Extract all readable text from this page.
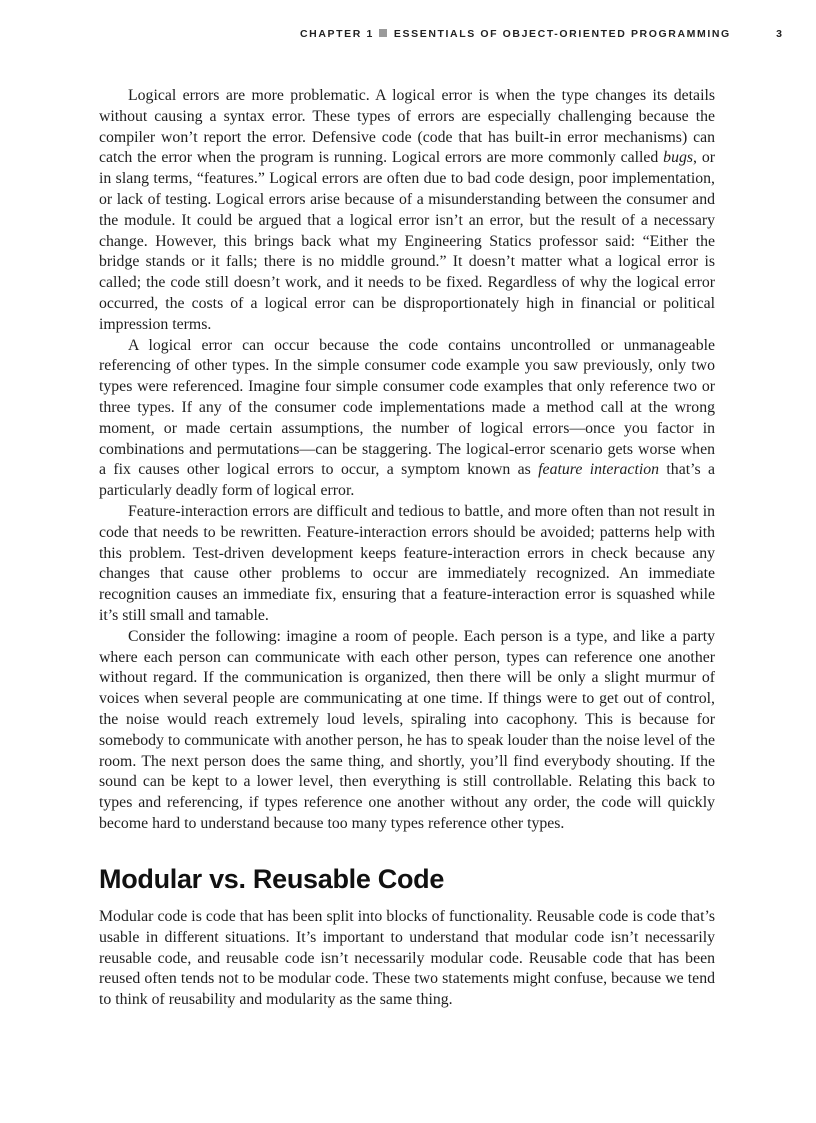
CHAPTER 1 ESSENTIALS OF OBJECT-ORIENTED PROGRAMMING	3

Logical errors are more problematic. A logical error is when the type changes its details without causing a syntax error. These types of errors are especially challenging because the compiler won’t report the error. Defensive code (code that has built-in error mechanisms) can catch the error when the program is running. Logical errors are more commonly called bugs, or in slang terms, “features.” Logical errors are often due to bad code design, poor implementation, or lack of testing. Logical errors arise because of a misunderstanding between the consumer and the module. It could be argued that a logical error isn’t an error, but the result of a necessary change. However, this brings back what my Engineering Statics professor said: “Either the bridge stands or it falls; there is no middle ground.” It doesn’t matter what a logical error is called; the code still doesn’t work, and it needs to be fixed. Regardless of why the logical error occurred, the costs of a logical error can be disproportionately high in financial or political impression terms.

A logical error can occur because the code contains uncontrolled or unmanageable referencing of other types. In the simple consumer code example you saw previously, only two types were referenced. Imagine four simple consumer code examples that only reference two or three types. If any of the consumer code implementations made a method call at the wrong moment, or made certain assumptions, the number of logical errors—once you factor in combinations and permutations—can be staggering. The logical-error scenario gets worse when a fix causes other logical errors to occur, a symptom known as feature interaction that’s a particularly deadly form of logical error.

Feature-interaction errors are difficult and tedious to battle, and more often than not result in code that needs to be rewritten. Feature-interaction errors should be avoided; patterns help with this problem. Test-driven development keeps feature-interaction errors in check because any changes that cause other problems to occur are immediately recognized. An immediate recognition causes an immediate fix, ensuring that a feature-interaction error is squashed while it’s still small and tamable.

Consider the following: imagine a room of people. Each person is a type, and like a party where each person can communicate with each other person, types can reference one another without regard. If the communication is organized, then there will be only a slight murmur of voices when several people are communicating at one time. If things were to get out of control, the noise would reach extremely loud levels, spiraling into cacophony. This is because for somebody to communicate with another person, he has to speak louder than the noise level of the room. The next person does the same thing, and shortly, you’ll find everybody shouting. If the sound can be kept to a lower level, then everything is still controllable. Relating this back to types and referencing, if types reference one another without any order, the code will quickly become hard to understand because too many types reference other types.

Modular vs. Reusable Code

Modular code is code that has been split into blocks of functionality. Reusable code is code that’s usable in different situations. It’s important to understand that modular code isn’t necessarily reusable code, and reusable code isn’t necessarily modular code. Reusable code that has been reused often tends not to be modular code. These two statements might confuse, because we tend to think of reusability and modularity as the same thing.
